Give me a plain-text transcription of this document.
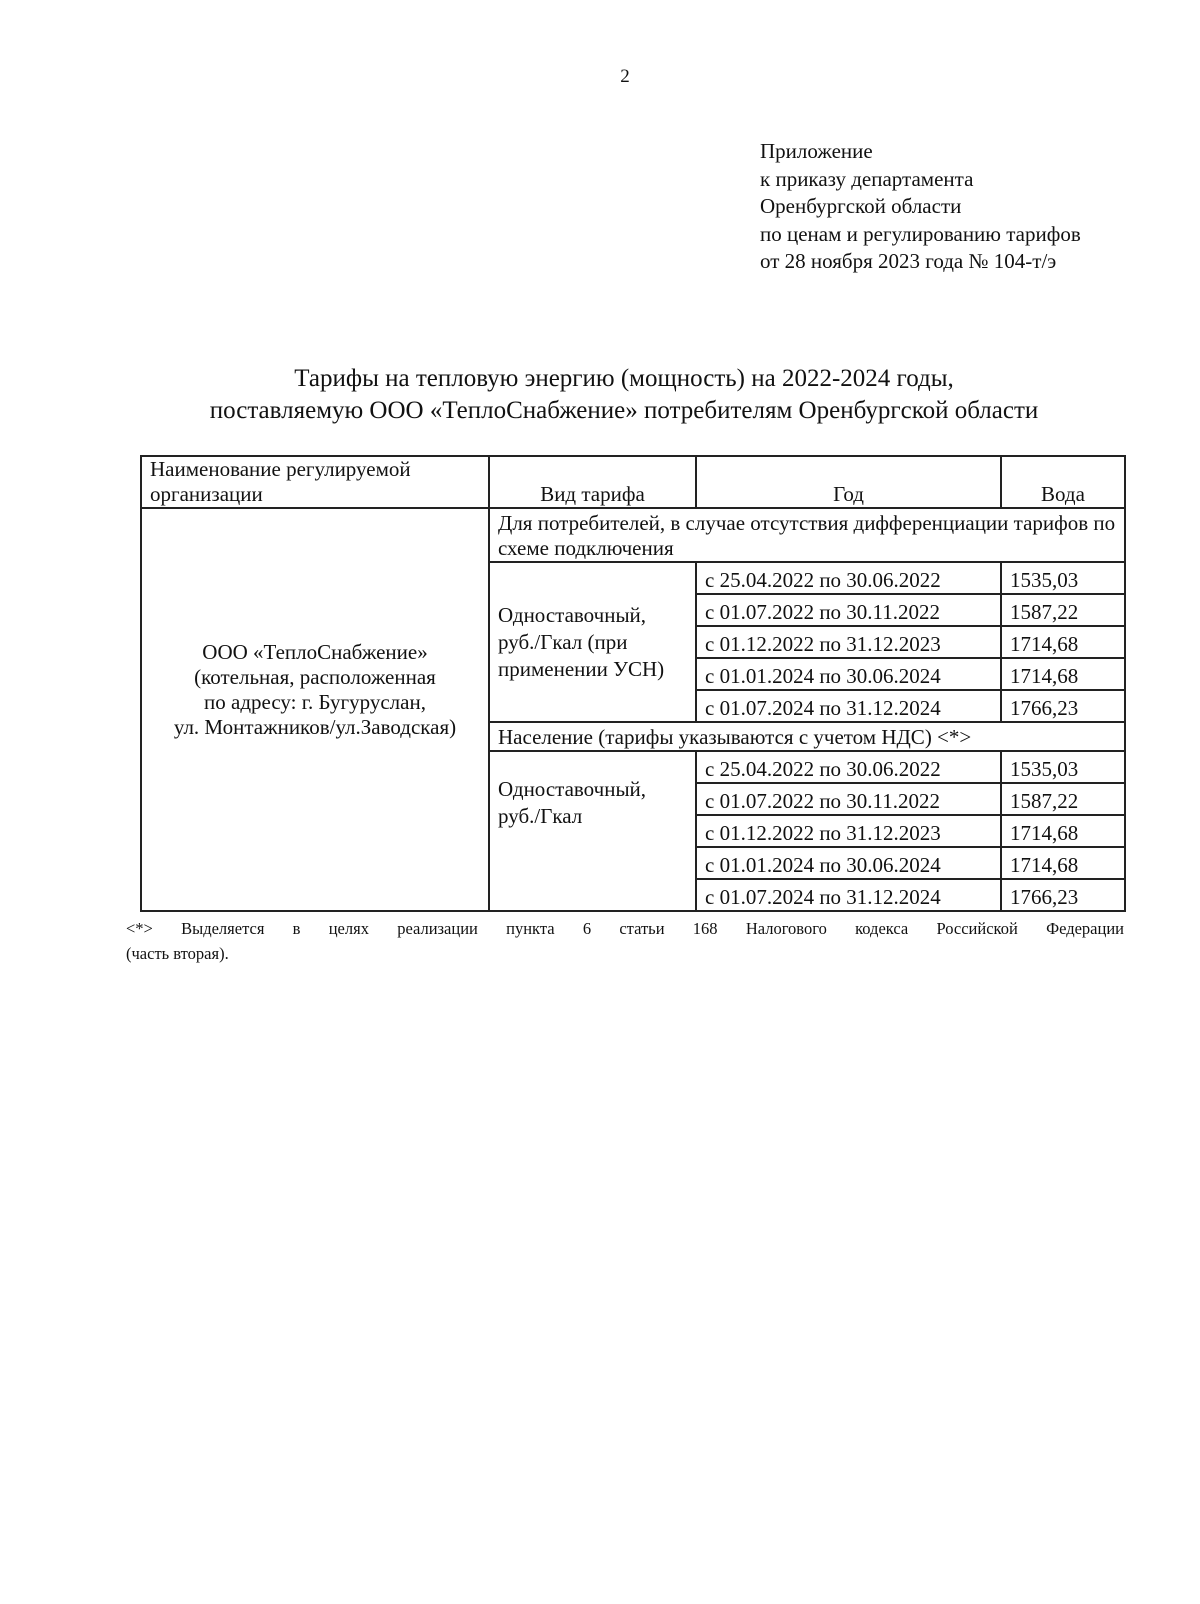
2
Приложение
к приказу департамента
Оренбургской области
по ценам и регулированию тарифов
от 28 ноября 2023 года № 104-т/э
Тарифы на тепловую энергию (мощность) на 2022-2024 годы,
поставляемую ООО «ТеплоСнабжение» потребителям Оренбургской области
Наименование регулируемой организации	Вид тарифа	Год	Вода

ООО «ТеплоСнабжение»
(котельная, расположенная
по адресу: г. Бугуруслан,
ул. Монтажников/ул.Заводская)	Для потребителей, в случае отсутствия дифференциации тарифов по схеме подключения		
	Одноставочный, руб./Гкал (при применении УСН)	с 25.04.2022 по 30.06.2022	1535,03
		с 01.07.2022 по 30.11.2022	1587,22
		с 01.12.2022 по 31.12.2023	1714,68
		с 01.01.2024 по 30.06.2024	1714,68
		с 01.07.2024 по 31.12.2024	1766,23
	Население (тарифы указываются с учетом НДС) <*>		
	Одноставочный, руб./Гкал	с 25.04.2022 по 30.06.2022	1535,03
		с 01.07.2022 по 30.11.2022	1587,22
		с 01.12.2022 по 31.12.2023	1714,68
		с 01.01.2024 по 30.06.2024	1714,68
		с 01.07.2024 по 31.12.2024	1766,23
<*> Выделяется в целях реализации пункта 6 статьи 168 Налогового кодекса Российской Федерации
(часть вторая).
